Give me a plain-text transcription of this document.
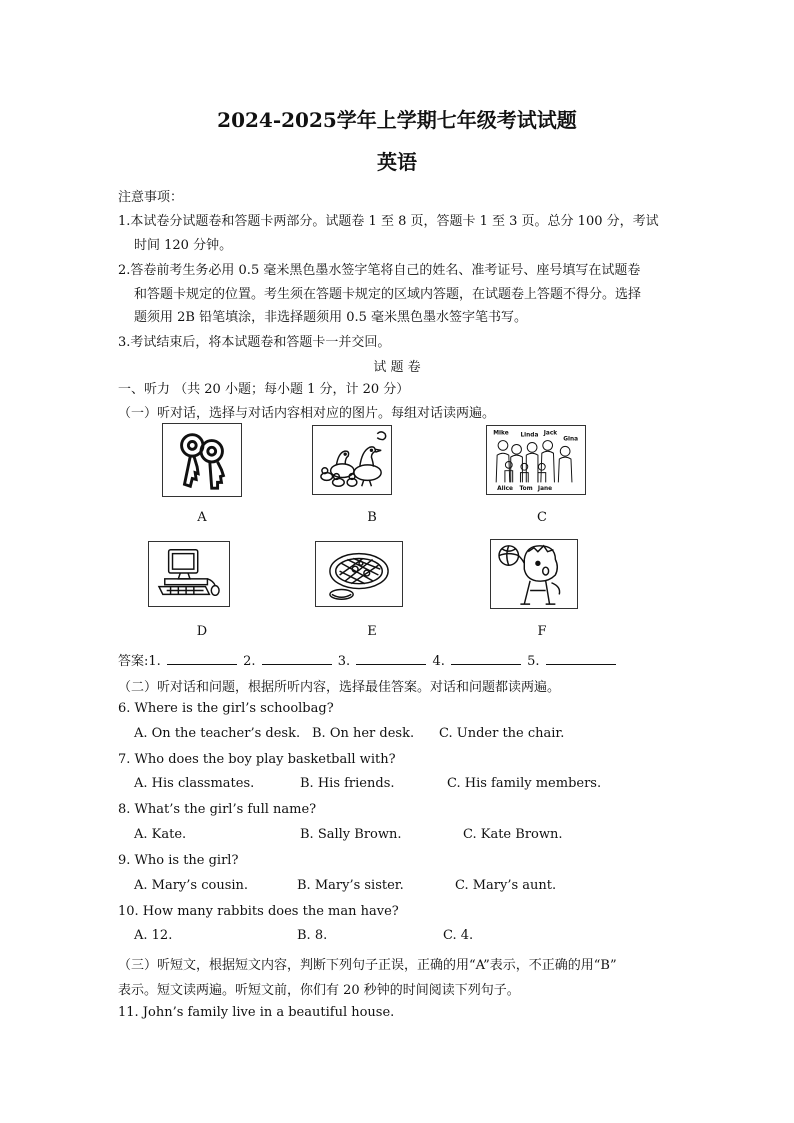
2024-2025学年上学期七年级考试试题
英语
注意事项：
1.本试卷分试题卷和答题卡两部分。试题卷 1 至 8 页，答题卡 1 至 3 页。总分 100 分，考试
时间 120 分钟。
2.答卷前考生务必用 0.5 毫米黑色墨水签字笔将自己的姓名、准考证号、座号填写在试题卷
和答题卡规定的位置。考生须在答题卡规定的区域内答题，在试题卷上答题不得分。选择
题须用 2B 铅笔填涂，非选择题须用 0.5 毫米黑色墨水签字笔书写。
3.考试结束后，将本试题卷和答题卡一并交回。
试 题 卷
一、听力 （共 20 小题；每小题 1 分，计 20 分）
（一）听对话，选择与对话内容相对应的图片。每组对话读两遍。
Mike Linda Jack
Gina
Alice Tom Jane
A	B	C
D	E	F
答案:1.	2.	3.	4.	5.
（二）听对话和问题，根据所听内容，选择最佳答案。对话和问题都读两遍。
6. Where is the girl’s schoolbag?
A. On the teacher’s desk. B. On her desk. C. Under the chair.
7. Who does the boy play basketball with?
A. His classmates.	B. His friends.	C. His family members.
8. What’s the girl’s full name?
A. Kate.	B. Sally Brown.	C. Kate Brown.
9. Who is the girl?
A. Mary’s cousin.	B. Mary’s sister.	C. Mary’s aunt.
10. How many rabbits does the man have?
A. 12.	B. 8.	C. 4.
（三）听短文，根据短文内容，判断下列句子正误，正确的用“A”表示，不正确的用“B”
表示。短文读两遍。听短文前，你们有 20 秒钟的时间阅读下列句子。
11. John’s family live in a beautiful house.
